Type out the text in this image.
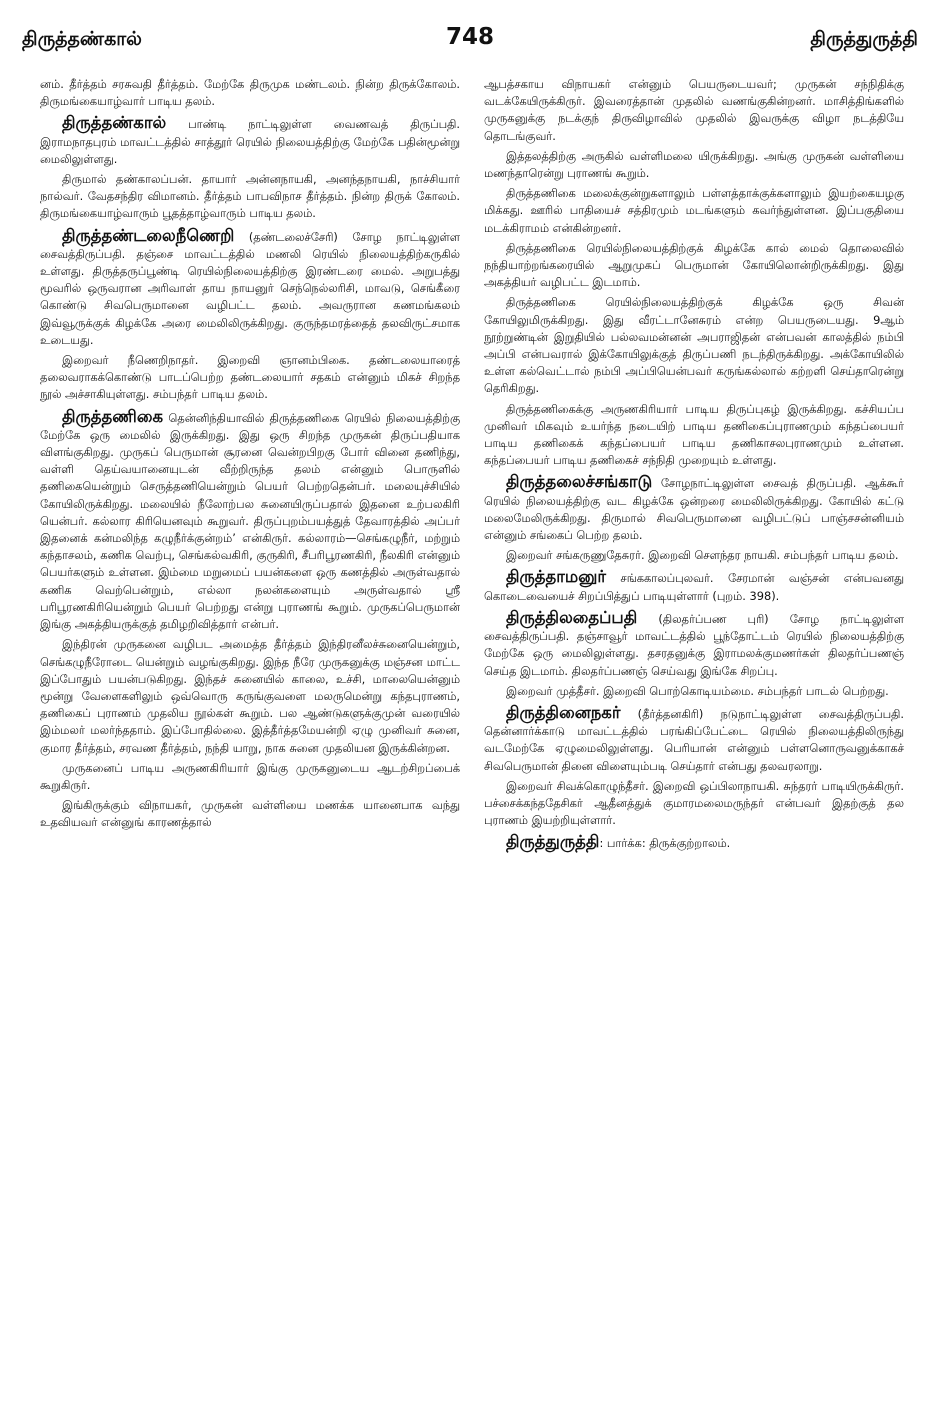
திருத்தண்கால்	748	திருத்துருத்தி

னம். தீர்த்தம் சரசுவதி தீர்த்தம். மேற்கே திருமுக மண்டலம். நின்ற திருக்கோலம். திருமங்கையாழ்வார் பாடிய தலம்.

திருத்தண்கால் பாண்டி நாட்டிலுள்ள வைணவத் திருப்பதி. இராமநாதபுரம் மாவட்டத்தில் சாத்தூர் ரெயில் நிலையத்திற்கு மேற்கே பதின்மூன்று மைலிலுள்ளது.

திருமால் தண்காலப்பன். தாயார் அன்னநாயகி, அனந்தநாயகி, நாச்சியார் நால்வர். வேதசந்திர விமானம். தீர்த்தம் பாபவிநாச தீர்த்தம். நின்ற திருக் கோலம். திருமங்கையாழ்வாரும் பூதத்தாழ்வாரும் பாடிய தலம்.

திருத்தண்டலைநீணெறி (தண்டலைச்சேரி) சோழ நாட்டிலுள்ள சைவத்திருப்பதி. தஞ்சை மாவட்டத்தில் மணலி ரெயில் நிலையத்திற்கருகில் உள்ளது. திருத்தருப்பூண்டி ரெயில்நிலையத்திற்கு இரண்டரை மைல். அறுபத்து மூவரில் ஒருவரான அரிவாள் தாய நாயனுர் செந்நெல்லரிசி, மாவடு, செங்கீரை கொண்டு சிவபெருமானை வழிபட்ட தலம். அவருரான கணமங்கலம் இவ்வூருக்குக் கிழக்கே அரை மைலிலிருக்கிறது. குருந்தமரத்தைத் தலவிருட்சமாக உடையது.

இறைவர் நீணெறிநாதர். இறைவி ஞானம்பிகை. தண்டலையாரைத் தலைவராகக்கொண்டு பாடப்பெற்ற தண்டலையார் சதகம் என்னும் மிகச் சிறந்த நூல் அச்சாகியுள்ளது. சம்பந்தர் பாடிய தலம்.

திருத்தணிகை தென்னிந்தியாவில் திருத்தணிகை ரெயில் நிலையத்திற்கு மேற்கே ஒரு மைலில் இருக்கிறது. இது ஒரு சிறந்த முருகன் திருப்பதியாக விளங்குகிறது. முருகப் பெருமான் சூரனை வென்றபிறகு போர் வினை தணிந்து, வள்ளி தெய்வயானையுடன் வீற்றிருந்த தலம் என்னும் பொருளில் தணிகையென்றும் செருத்தணியென்றும் பெயர் பெற்றதென்பர். மலையுச்சியில் கோயிலிருக்கிறது. மலையில் நீலோற்பல சுனையிருப்பதால் இதனை உற்பலகிரி யென்பர். கல்லார கிரியெனவும் கூறுவர். திருப்புறம்பயத்துத் தேவாரத்தில் அப்பர் இதனைக் கன்மலிந்த கழுநீர்க்குன்றம்’ என்கிருர். கல்லாரம்—செங்கழுநீர், மற்றும் கந்தாசலம், கணிக வெற்பு, செங்கல்வகிரி, குருகிரி, சீபரிபூரணகிரி, நீலகிரி என்னும் பெயர்களும் உள்ளன. இம்மை மறுமைப் பயன்களை ஒரு கணத்தில் அருள்வதால் கணிக வெற்பென்றும், எல்லா நலன்களையும் அருள்வதால் ஸ்ரீ பரிபூரணகிரியென்றும் பெயர் பெற்றது என்று புராணங் கூறும். முருகப்பெருமான் இங்கு அகத்தியருக்குத் தமிழறிவித்தார் என்பர்.

இந்திரன் முருகனை வழிபட அமைத்த தீர்த்தம் இந்திரனீலச்சுனையென்றும், செங்கழுநீரோடை யென்றும் வழங்குகிறது. இந்த நீரே முருகனுக்கு மஞ்சன மாட்ட இப்போதும் பயன்படுகிறது. இந்தச் சுனையில் காலை, உச்சி, மாலையென்னும் மூன்று வேளைகளிலும் ஒவ்வொரு கருங்குவளை மலருமென்று கந்தபுராணம், தணிகைப் புராணம் முதலிய நூல்கள் கூறும். பல ஆண்டுகளுக்குமுன் வரையில் இம்மலர் மலர்ந்ததாம். இப்போதில்லை. இத்தீர்த்தமேயன்றி ஏழு முனிவர் சுனை, குமார தீர்த்தம், சரவண தீர்த்தம், நந்தி யாறு, நாக சுனை முதலியன இருக்கின்றன.

முருகனைப் பாடிய அருணகிரியார் இங்கு முருகனுடைய ஆடற்சிறப்பைக் கூறுகிருர்.

இங்கிருக்கும் விநாயகர், முருகன் வள்ளியை மணக்க யானைபாக வந்து உதவியவர் என்னுங் காரணத்தால்

ஆபத்சகாய விநாயகர் என்னும் பெயருடையவர்; முருகன் சந்நிதிக்கு வடக்கேயிருக்கிருர். இவரைத்தான் முதலில் வணங்குகின்றனர். மாசித்திங்களில் முருகனுக்கு நடக்குந் திருவிழாவில் முதலில் இவருக்கு விழா நடத்தியே தொடங்குவர்.

இத்தலத்திற்கு அருகில் வள்ளிமலை யிருக்கிறது. அங்கு முருகன் வள்ளியை மணந்தாரென்று புராணங் கூறும்.

திருத்தணிகை மலைக்குன்றுகளாலும் பள்ளத்தாக்குக்களாலும் இயற்கையழகு மிக்கது. ஊரில் பாதியைச் சத்திரமும் மடங்களும் கவர்ந்துள்ளன. இப்பகுதியை மடக்கிராமம் என்கின்றனர்.

திருத்தணிகை ரெயில்நிலையத்திற்குக் கிழக்கே கால் மைல் தொலைவில் நந்தியாற்றங்கரையில் ஆறுமுகப் பெருமான் கோயிலொன்றிருக்கிறது. இது அகத்தியர் வழிபட்ட இடமாம்.

திருத்தணிகை ரெயில்நிலையத்திற்குக் கிழக்கே ஒரு சிவன் கோயிலுமிருக்கிறது. இது வீரட்டானேசுரம் என்ற பெயருடையது. 9ஆம் நூற்றுண்டின் இறுதியில் பல்லவமன்னன் அபராஜிதன் என்பவன் காலத்தில் நம்பி அப்பி என்பவரால் இக்கோயிலுக்குத் திருப்பணி நடந்திருக்கிறது. அக்கோயிலில் உள்ள கல்வெட்டால் நம்பி அப்பியென்பவர் கருங்கல்லால் கற்றளி செய்தாரென்று தெரிகிறது.

திருத்தணிகைக்கு அருணகிரியார் பாடிய திருப்புகழ் இருக்கிறது. கச்சியப்ப முனிவர் மிகவும் உயர்ந்த நடையிற் பாடிய தணிகைப்புராணமும் கந்தப்பையர் பாடிய தணிகைக் கந்தப்பையர் பாடிய தணிகாசலபுராணமும் உள்ளன. கந்தப்பையர் பாடிய தணிகைச் சந்நிதி முறையும் உள்ளது.

திருத்தலைச்சங்காடு சோழநாட்டிலுள்ள சைவத் திருப்பதி. ஆக்கூர் ரெயில் நிலையத்திற்கு வட கிழக்கே ஒன்றரை மைலிலிருக்கிறது. கோயில் கட்டு மலைமேலிருக்கிறது. திருமால் சிவபெருமானை வழிபட்டுப் பாஞ்சசன்னியம் என்னும் சங்கைப் பெற்ற தலம்.

இறைவர் சங்கருணுதேசுரர். இறைவி சௌந்தர நாயகி. சம்பந்தர் பாடிய தலம்.

திருத்தாமனுர் சங்ககாலப்புலவர். சேரமான் வஞ்சன் என்பவனது கொடைவையைச் சிறப்பித்துப் பாடியுள்ளார் (புறம். 398).

திருத்திலதைப்பதி (திலதர்ப்பண புரி) சோழ நாட்டிலுள்ள சைவத்திருப்பதி. தஞ்சாவூர் மாவட்டத்தில் பூந்தோட்டம் ரெயில் நிலையத்திற்கு மேற்கே ஒரு மைலிலுள்ளது. தசரதனுக்கு இராமலக்குமணர்கள் திலதர்ப்பணஞ் செய்த இடமாம். திலதர்ப்பணஞ் செய்வது இங்கே சிறப்பு.

இறைவர் முத்தீசர். இறைவி பொற்கொடியம்மை. சம்பந்தர் பாடல் பெற்றது.

திருத்தினைநகர் (தீர்த்தனகிரி) நடுநாட்டிலுள்ள சைவத்திருப்பதி. தென்னார்க்காடு மாவட்டத்தில் பரங்கிப்பேட்டை ரெயில் நிலையத்திலிருந்து வடமேற்கே ஏழுமைலிலுள்ளது. பெரியான் என்னும் பள்ளனொருவனுக்காகச் சிவபெருமான் தினை விளையும்படி செய்தார் என்பது தலவரலாறு.

இறைவர் சிவக்கொழுந்தீசர். இறைவி ஒப்பிலாநாயகி. சுந்தரர் பாடியிருக்கிருர். பச்சைக்கந்ததேசிகர் ஆதீனத்துக் குமாரமலைமருந்தர் என்பவர் இதற்குத் தல புராணம் இயற்றியுள்ளார்.

திருத்துருத்தி: பார்க்க: திருக்குற்றாலம்.
